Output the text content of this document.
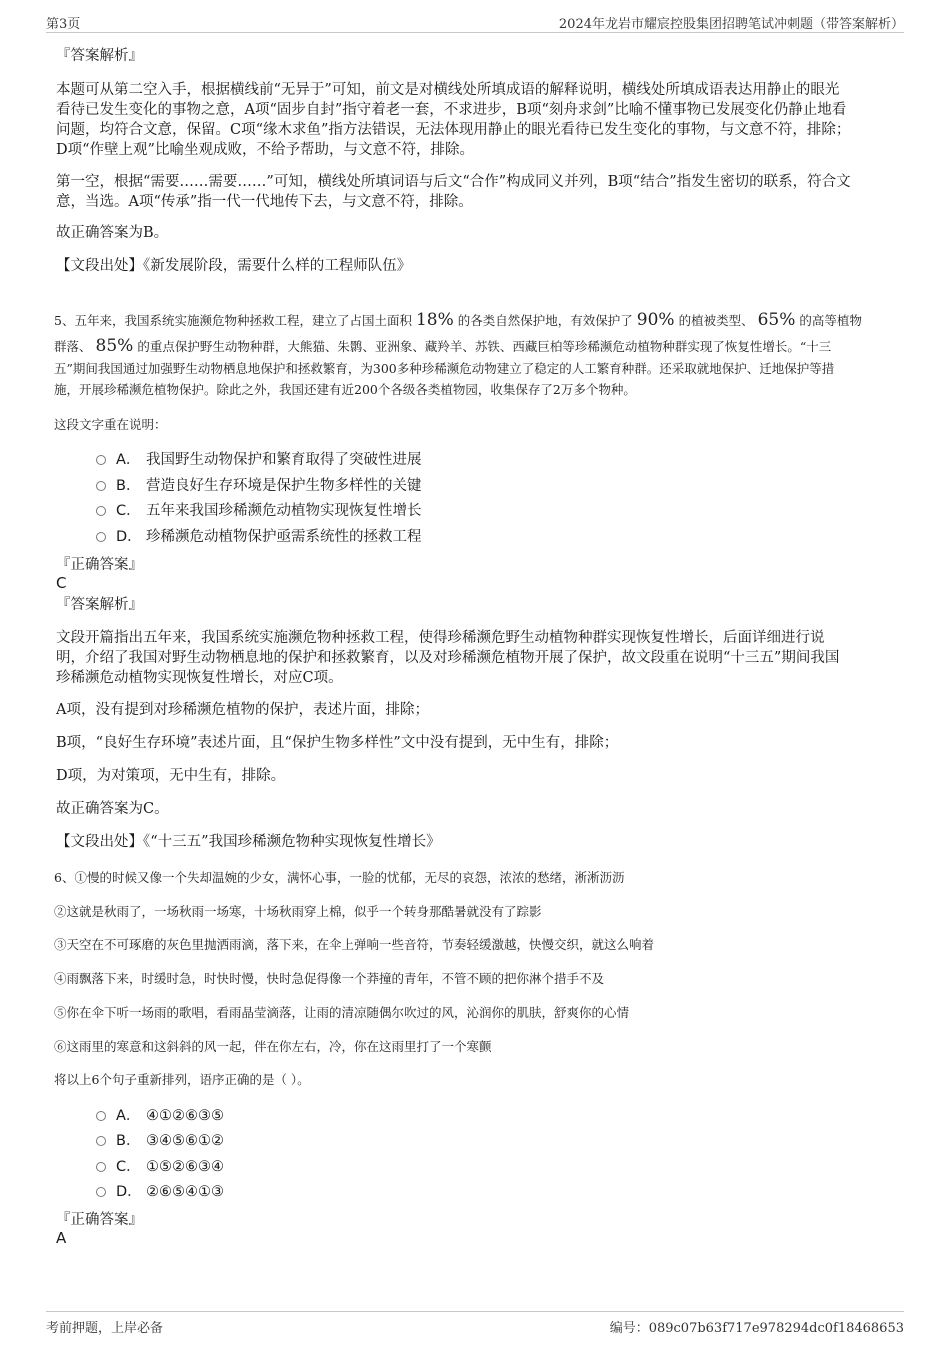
第3页	2024年龙岩市耀宸控股集团招聘笔试冲刺题（带答案解析）
『答案解析』
本题可从第二空入手，根据横线前“无异于”可知，前文是对横线处所填成语的解释说明，横线处所填成语表达用静止的眼光
看待已发生变化的事物之意，A项“固步自封”指守着老一套，不求进步，B项“刻舟求剑”比喻不懂事物已发展变化仍静止地看
问题，均符合文意，保留。C项“缘木求鱼”指方法错误，无法体现用静止的眼光看待已发生变化的事物，与文意不符，排除；
D项“作壁上观”比喻坐观成败，不给予帮助，与文意不符，排除。
第一空，根据“需要……需要……”可知，横线处所填词语与后文“合作”构成同义并列，B项“结合”指发生密切的联系，符合文
意，当选。A项“传承”指一代一代地传下去，与文意不符，排除。
故正确答案为B。
【文段出处】《新发展阶段，需要什么样的工程师队伍》
5、五年来，我国系统实施濒危物种拯救工程，建立了占国土面积 18% 的各类自然保护地，有效保护了 90% 的植被类型、 65% 的高等植物
群落、 85% 的重点保护野生动物种群，大熊猫、朱鹮、亚洲象、藏羚羊、苏铁、西藏巨柏等珍稀濒危动植物种群实现了恢复性增长。“十三
五”期间我国通过加强野生动物栖息地保护和拯救繁育，为300多种珍稀濒危动物建立了稳定的人工繁育种群。还采取就地保护、迁地保护等措
施，开展珍稀濒危植物保护。除此之外，我国还建有近200个各级各类植物园，收集保存了2万多个物种。
这段文字重在说明：
A． 我国野生动物保护和繁育取得了突破性进展
B． 营造良好生存环境是保护生物多样性的关键
C． 五年来我国珍稀濒危动植物实现恢复性增长
D． 珍稀濒危动植物保护亟需系统性的拯救工程
『正确答案』
C
『答案解析』
文段开篇指出五年来，我国系统实施濒危物种拯救工程，使得珍稀濒危野生动植物种群实现恢复性增长，后面详细进行说
明，介绍了我国对野生动物栖息地的保护和拯救繁育，以及对珍稀濒危植物开展了保护，故文段重在说明“十三五”期间我国
珍稀濒危动植物实现恢复性增长，对应C项。
A项，没有提到对珍稀濒危植物的保护，表述片面，排除；
B项，“良好生存环境”表述片面，且“保护生物多样性”文中没有提到，无中生有，排除；
D项，为对策项，无中生有，排除。
故正确答案为C。
【文段出处】《“十三五”我国珍稀濒危物种实现恢复性增长》
6、①慢的时候又像一个失却温婉的少女，满怀心事，一脸的忧郁，无尽的哀怨，浓浓的愁绪，淅淅沥沥
②这就是秋雨了，一场秋雨一场寒，十场秋雨穿上棉，似乎一个转身那酷暑就没有了踪影
③天空在不可琢磨的灰色里抛洒雨滴，落下来，在伞上弹响一些音符，节奏轻缓激越，快慢交织，就这么响着
④雨飘落下来，时缓时急，时快时慢，快时急促得像一个莽撞的青年，不管不顾的把你淋个措手不及
⑤你在伞下听一场雨的歌唱，看雨晶莹滴落，让雨的清凉随偶尔吹过的风，沁润你的肌肤，舒爽你的心情
⑥这雨里的寒意和这斜斜的风一起，伴在你左右，冷，你在这雨里打了一个寒颤
将以上6个句子重新排列，语序正确的是（ ）。
A． ④①②⑥③⑤
B． ③④⑤⑥①②
C． ①⑤②⑥③④
D． ②⑥⑤④①③
『正确答案』
A
考前押题，上岸必备	编号：089c07b63f717e978294dc0f18468653
